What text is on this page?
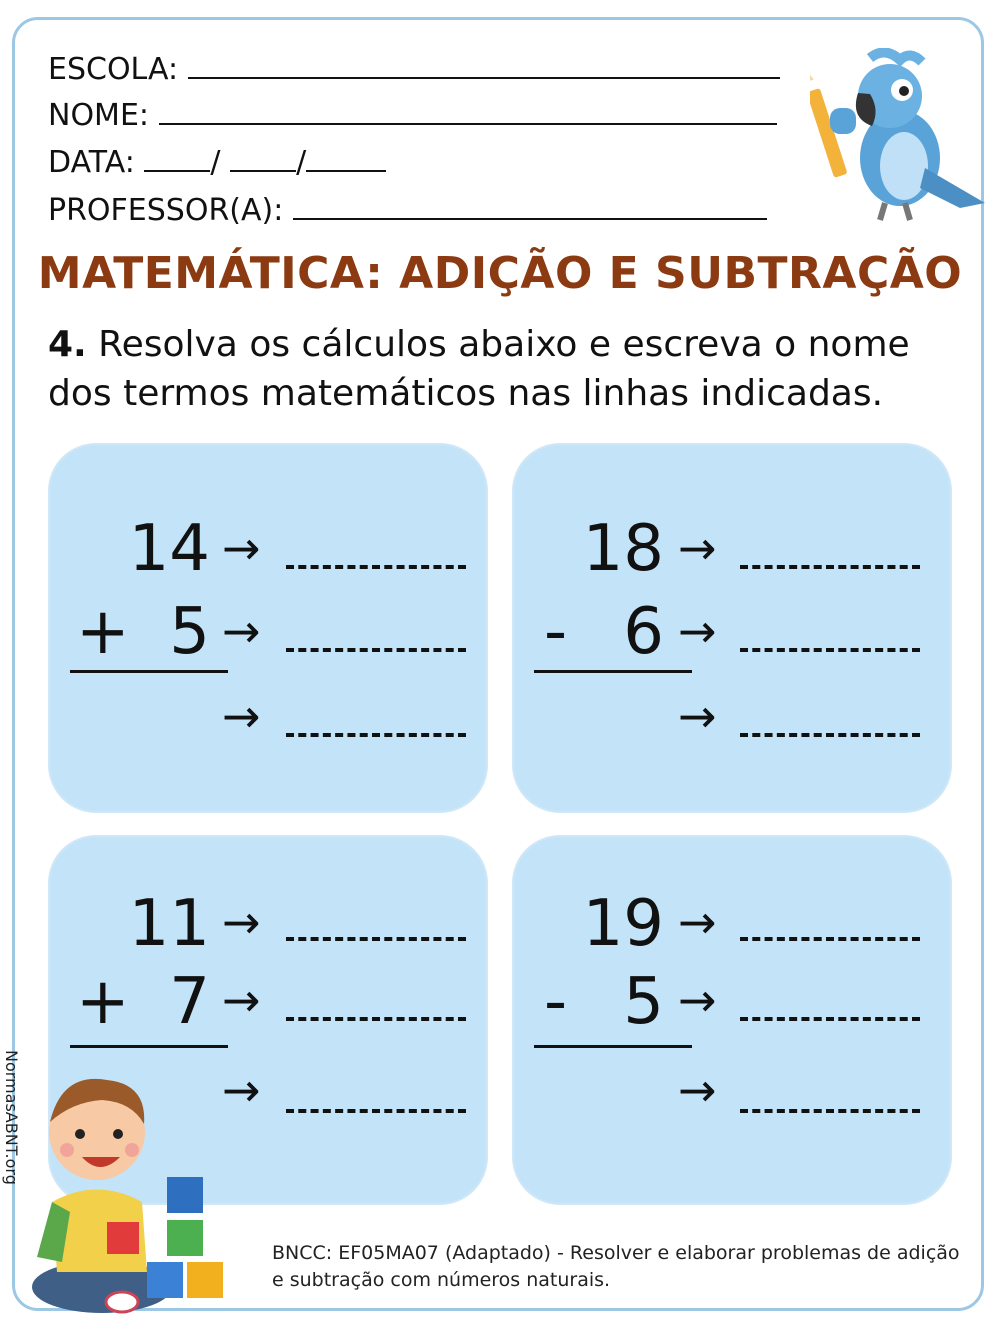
ESCOLA:
NOME:
DATA:	/	/
PROFESSOR(A):
MATEMÁTICA: ADIÇÃO E SUBTRAÇÃO
4. Resolva os cálculos abaixo e escreva o nome dos termos matemáticos nas linhas indicadas.
14
+ 5
→
→
→
18
- 6
→
→
→
11
+ 7
→
→
→
19
- 5
→
→
→
NormasABNT.org
BNCC: EF05MA07 (Adaptado) - Resolver e elaborar problemas de adição e subtração com números naturais.
